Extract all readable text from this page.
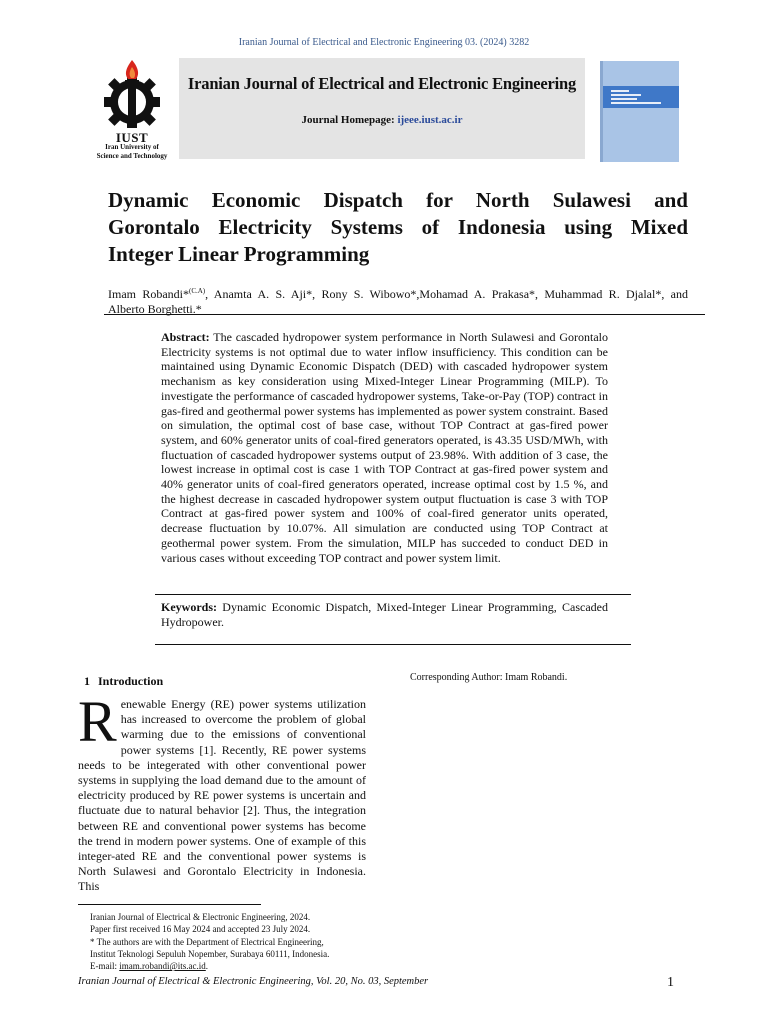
Iranian Journal of Electrical and Electronic Engineering 03. (2024) 3282
IUST
Iran University of
Science and Technology
Iranian Journal of Electrical and Electronic Engineering
Journal Homepage: ijeee.iust.ac.ir
Dynamic Economic Dispatch for North Sulawesi and
Gorontalo Electricity Systems of Indonesia using Mixed
Integer Linear Programming
Imam Robandi*$^{(C.A)}$, Anamta A. S. Aji*, Rony S. Wibowo*,Mohamad A. Prakasa*, Muhammad R. Djalal*, and
Alberto Borghetti.*
Abstract: The cascaded hydropower system performance in North Sulawesi and Gorontalo Electricity systems is not optimal due to water inflow insufficiency. This condition can be maintained using Dynamic Economic Dispatch (DED) with cascaded hydropower system mechanism as key consideration using Mixed-Integer Linear Programming (MILP). To investigate the performance of cascaded hydropower systems, Take-or-Pay (TOP) contract in gas-fired and geothermal power systems has implemented as power system constraint. Based on simulation, the optimal cost of base case, without TOP Contract at gas-fired power system, and 60% generator units of coal-fired generators operated, is 43.35 USD/MWh, with fluctuation of cascaded hydropower systems output of 23.98%. With addition of 3 case, the lowest increase in optimal cost is case 1 with TOP Contract at gas-fired power system and 40% generator units of coal-fired generators operated, increase optimal cost by 1.5 %, and the highest decrease in cascaded hydropower system output fluctuation is case 3 with TOP Contract at gas-fired power system and 100% of coal-fired generator units operated, decrease fluctuation by 10.07%. All simulation are conducted using TOP Contract at geothermal power system. From the simulation, MILP has succeded to conduct DED in various cases without exceeding TOP contract and power system limit.
Keywords: Dynamic Economic Dispatch, Mixed-Integer Linear Programming, Cascaded Hydropower.
1 Introduction
Renewable Energy (RE) power systems utilization has increased to overcome the problem of global warming due to the emissions of conventional power systems [1]. Recently, RE power systems needs to be integerated with other conventional power systems in supplying the load demand due to the amount of electricity produced by RE power systems is uncertain and fluctuate due to natural behavior [2]. Thus, the integration between RE and conventional power systems has become the trend in modern power systems. One of example of this integer-ated RE and the conventional power systems is North Sulawesi and Gorontalo Electricity in Indonesia. This
Corresponding Author: Imam Robandi.
Iranian Journal of Electrical & Electronic Engineering, 2024.
Paper first received 16 May 2024 and accepted 23 July 2024.
* The authors are with the Department of Electrical Engineering,
Institut Teknologi Sepuluh Nopember, Surabaya 60111, Indonesia.
E-mail: imam.robandi@its.ac.id.
Iranian Journal of Electrical & Electronic Engineering, Vol. 20, No. 03, September	1
